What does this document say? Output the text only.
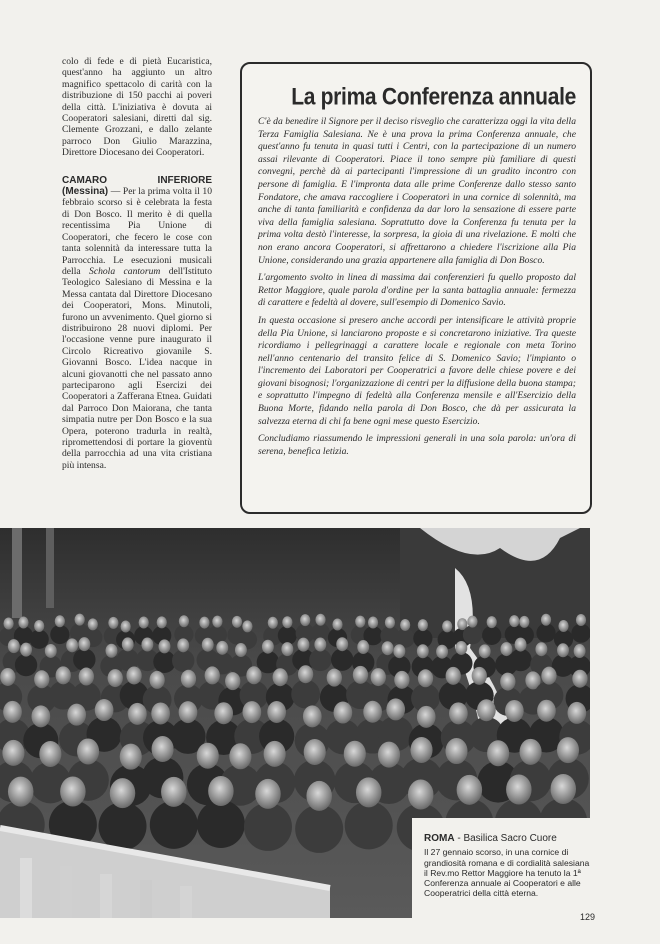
colo di fede e di pietà Eucaristica, quest'anno ha aggiunto un altro magnifico spettacolo di carità con la distribuzione di 150 pacchi ai poveri della città. L'iniziativa è dovuta ai Cooperatori salesiani, diretti dal sig. Clemente Grozzani, e dallo zelante parroco Don Giulio Marazzina, Direttore Diocesano dei Cooperatori.

CAMARO INFERIORE (Messina) — Per la prima volta il 10 febbraio scorso si è celebrata la festa di Don Bosco. Il merito è di quella recentissima Pia Unione di Cooperatori, che fecero le cose con tanta solennità da interessare tutta la Parrocchia. Le esecuzioni musicali della Schola cantorum dell'Istituto Teologico Salesiano di Messina e la Messa cantata dal Direttore Diocesano dei Cooperatori, Mons. Minutoli, furono un avvenimento. Quel giorno si distribuirono 28 nuovi diplomi. Per l'occasione venne pure inaugurato il Circolo Ricreativo giovanile S. Giovanni Bosco. L'idea nacque in alcuni giovanotti che nel passato anno parteciparono agli Esercizi dei Cooperatori a Zafferana Etnea. Guidati dal Parroco Don Maiorana, che tanta simpatia nutre per Don Bosco e la sua Opera, poterono tradurla in realtà, ripromettendosi di portare la gioventù della parrocchia ad una vita cristiana più intensa.

La prima Conferenza annuale

C'è da benedire il Signore per il deciso risveglio che caratterizza oggi la vita della Terza Famiglia Salesiana. Ne è una prova la prima Conferenza annuale, che quest'anno fu tenuta in quasi tutti i Centri, con la partecipazione di un numero assai rilevante di Cooperatori. Piace il tono sempre più familiare di questi convegni, perchè dà ai partecipanti l'impressione di un gradito incontro con persone di famiglia. E l'impronta data alle prime Conferenze dallo stesso santo Fondatore, che amava raccogliere i Cooperatori in una cornice di solennità, ma anche di tanta familiarità e confidenza da dar loro la sensazione di essere parte viva della famiglia salesiana. Soprattutto dove la Conferenza fu tenuta per la prima volta destò l'interesse, la sorpresa, la gioia di una rivelazione. E molti che non erano ancora Cooperatori, si affrettarono a chiedere l'iscrizione alla Pia Unione, considerando una grazia appartenere alla famiglia di Don Bosco.

L'argomento svolto in linea di massima dai conferenzieri fu quello proposto dal Rettor Maggiore, quale parola d'ordine per la santa battaglia annuale: fermezza di carattere e fedeltà al dovere, sull'esempio di Domenico Savio.

In questa occasione si presero anche accordi per intensificare le attività proprie della Pia Unione, si lanciarono proposte e si concretarono iniziative. Tra queste ricordiamo i pellegrinaggi a carattere locale e regionale con meta Torino nell'anno centenario del transito felice di S. Domenico Savio; l'impianto o l'incremento dei Laboratori per Cooperatrici a favore delle chiese povere e dei giovani bisognosi; l'organizzazione di centri per la diffusione della buona stampa; e soprattutto l'impegno di fedeltà alla Conferenza mensile e all'Esercizio della Buona Morte, fidando nella parola di Don Bosco, che dà per assicurata la salvezza eterna di chi fa bene ogni mese questo Esercizio.

Concludiamo riassumendo le impressioni generali in una sola parola: un'ora di serena, benefica letizia.

ROMA - Basilica Sacro Cuore

Il 27 gennaio scorso, in una cornice di grandiosità romana e di cordialità salesiana il Rev.mo Rettor Maggiore ha tenuto la 1ª Conferenza annuale ai Cooperatori e alle Cooperatrici della città eterna.

129
